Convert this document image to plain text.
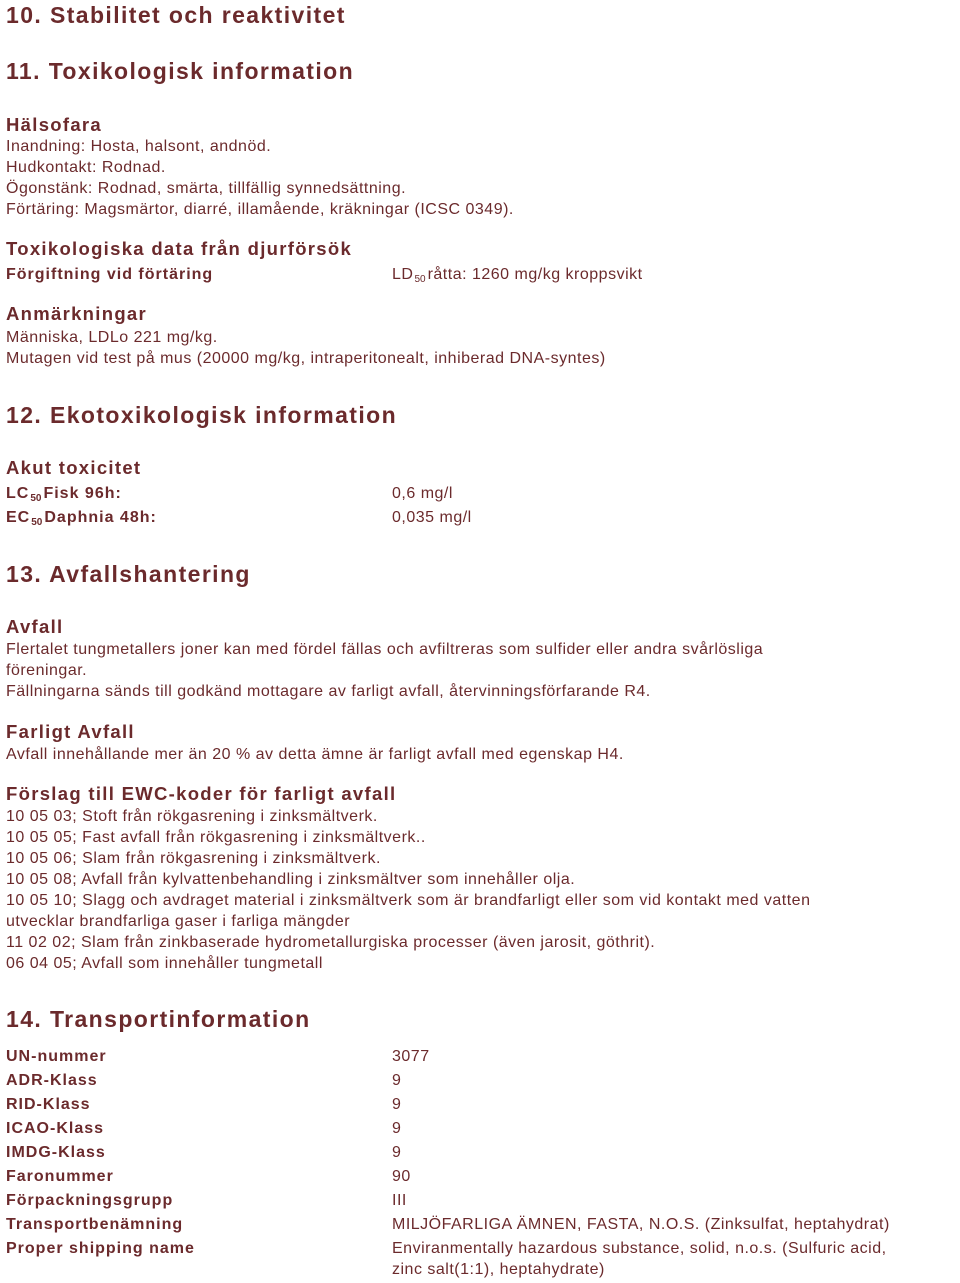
10. Stabilitet och reaktivitet
11. Toxikologisk information
Hälsofara
Inandning: Hosta, halsont, andnöd.
Hudkontakt: Rodnad.
Ögonstänk: Rodnad, smärta, tillfällig synnedsättning.
Förtäring: Magsmärtor, diarré, illamående, kräkningar (ICSC 0349).
Toxikologiska data från djurförsök
Förgiftning vid förtäring	LD50 råtta: 1260 mg/kg kroppsvikt
Anmärkningar
Människa, LDLo 221 mg/kg.
Mutagen vid test på mus (20000 mg/kg, intraperitonealt, inhiberad DNA-syntes)
12. Ekotoxikologisk information
Akut toxicitet
LC50 Fisk 96h:	0,6 mg/l
EC50 Daphnia 48h:	0,035 mg/l
13. Avfallshantering
Avfall
Flertalet tungmetallers joner kan med fördel fällas och avfiltreras som sulfider eller andra svårlösliga
föreningar.
Fällningarna sänds till godkänd mottagare av farligt avfall, återvinningsförfarande R4.
Farligt Avfall
Avfall innehållande mer än 20 % av detta ämne är farligt avfall med egenskap H4.
Förslag till EWC-koder för farligt avfall
10 05 03; Stoft från rökgasrening i zinksmältverk.
10 05 05; Fast avfall från rökgasrening i zinksmältverk..
10 05 06; Slam från rökgasrening i zinksmältverk.
10 05 08; Avfall från kylvattenbehandling i zinksmältver som innehåller olja.
10 05 10; Slagg och avdraget material i zinksmältverk som är brandfarligt eller som vid kontakt med vatten
utvecklar brandfarliga gaser i farliga mängder
11 02 02; Slam från zinkbaserade hydrometallurgiska processer (även jarosit, göthrit).
06 04 05; Avfall som innehåller tungmetall
14. Transportinformation
UN-nummer	3077
ADR-Klass	9
RID-Klass	9
ICAO-Klass	9
IMDG-Klass	9
Faronummer	90
Förpackningsgrupp	III
Transportbenämning	MILJÖFARLIGA ÄMNEN, FASTA, N.O.S. (Zinksulfat, heptahydrat)
Proper shipping name	Enviranmentally hazardous substance, solid, n.o.s. (Sulfuric acid,
zinc salt(1:1), heptahydrate)
